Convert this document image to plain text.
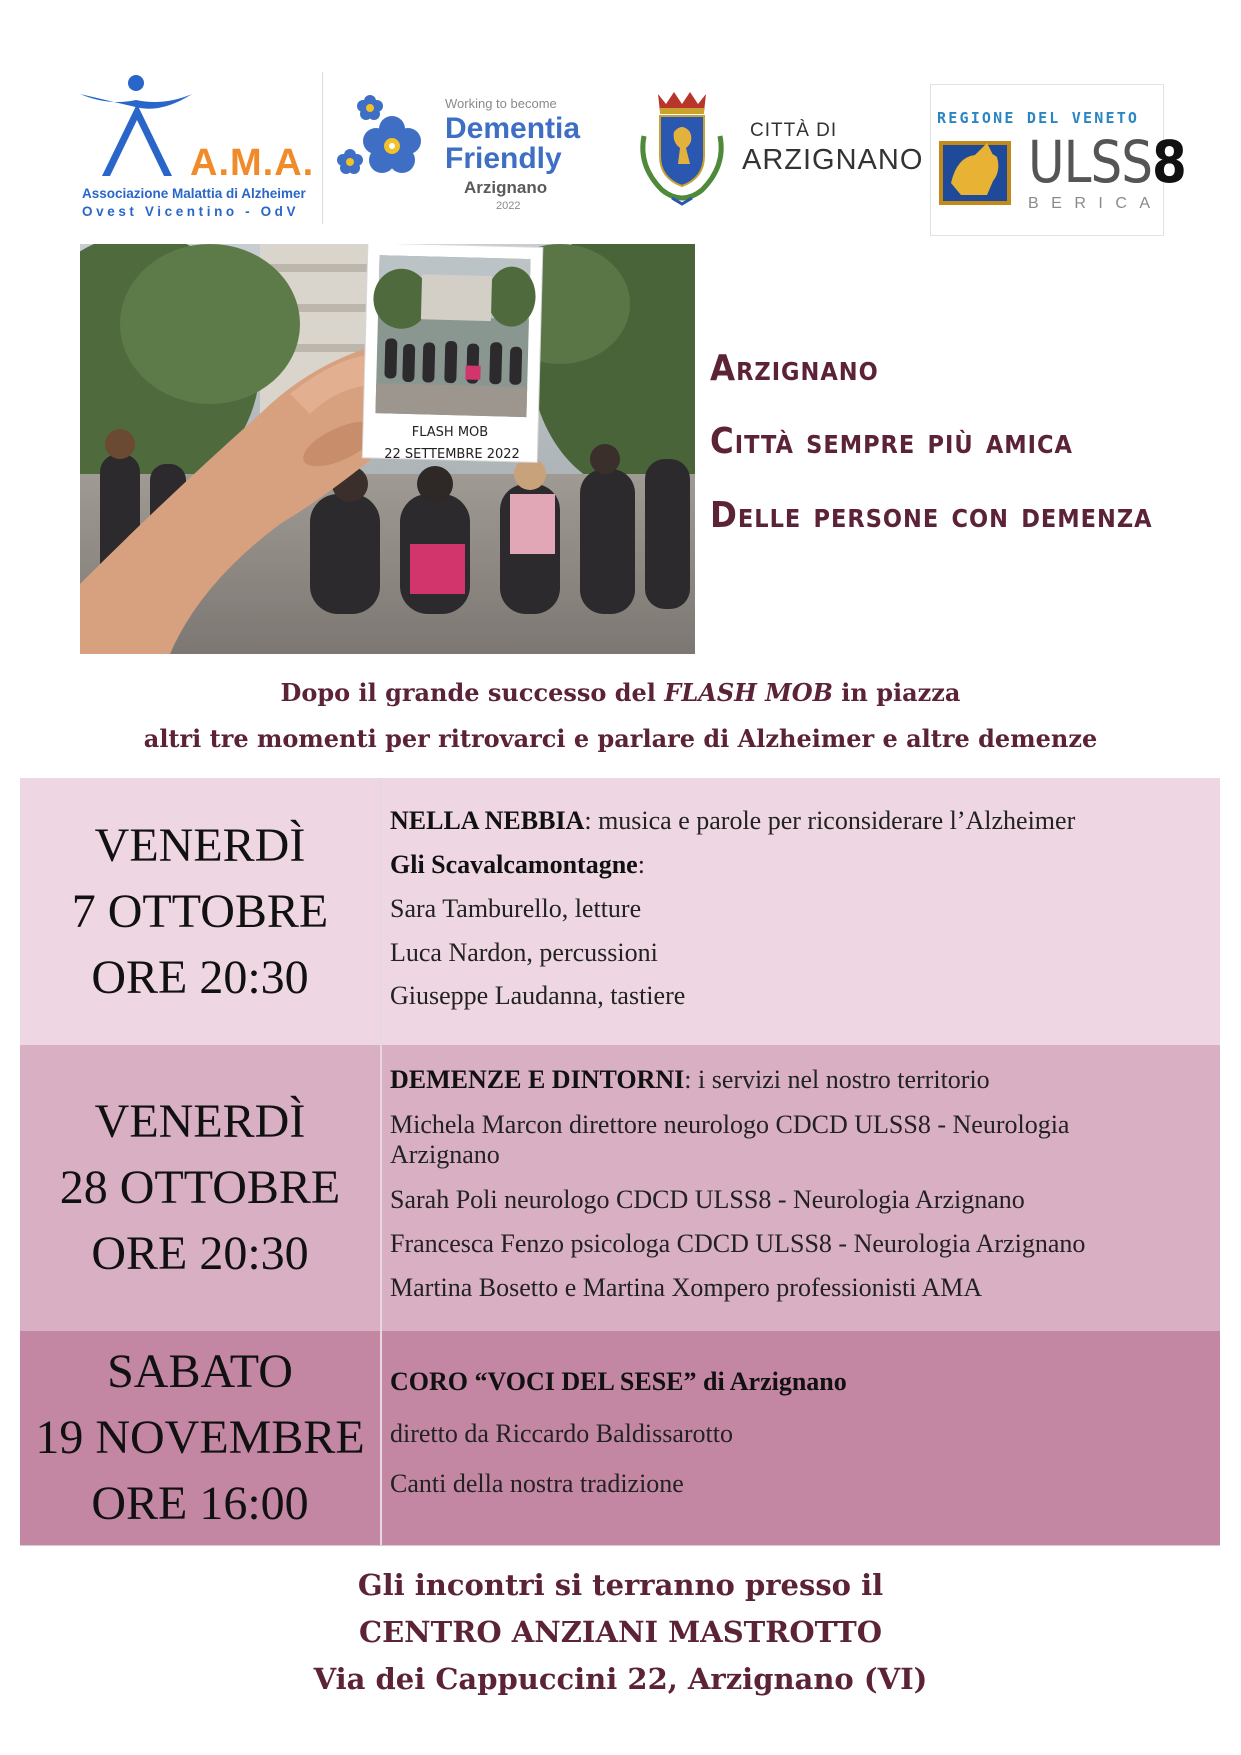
A.M.A.
Associazione Malattia di Alzheimer
Ovest Vicentino - OdV
Working to become
Dementia
Friendly
Arzignano
2022
CITTÀ DI
ARZIGNANO
REGIONE DEL VENETO
ULSS8
BERICA
FLASH MOB
22 SETTEMBRE 2022
Arzignano
Città sempre più amica
Delle persone con demenza
Dopo il grande successo del FLASH MOB in piazza
altri tre momenti per ritrovarci e parlare di Alzheimer e altre demenze
VENERDÌ
7 OTTOBRE
ORE 20:30
NELLA NEBBIA: musica e parole per riconsiderare l’Alzheimer
Gli Scavalcamontagne:
Sara Tamburello, letture
Luca Nardon, percussioni
Giuseppe Laudanna, tastiere
VENERDÌ
28 OTTOBRE
ORE 20:30
DEMENZE E DINTORNI: i servizi nel nostro territorio
Michela Marcon direttore neurologo CDCD ULSS8 - Neurologia
Arzignano
Sarah Poli neurologo CDCD ULSS8 - Neurologia Arzignano
Francesca Fenzo psicologa CDCD ULSS8 - Neurologia Arzignano
Martina Bosetto e Martina Xompero professionisti AMA
SABATO
19 NOVEMBRE
ORE 16:00
CORO “VOCI DEL SESE” di Arzignano
diretto da Riccardo Baldissarotto
Canti della nostra tradizione
Gli incontri si terranno presso il
CENTRO ANZIANI MASTROTTO
Via dei Cappuccini 22, Arzignano (VI)
